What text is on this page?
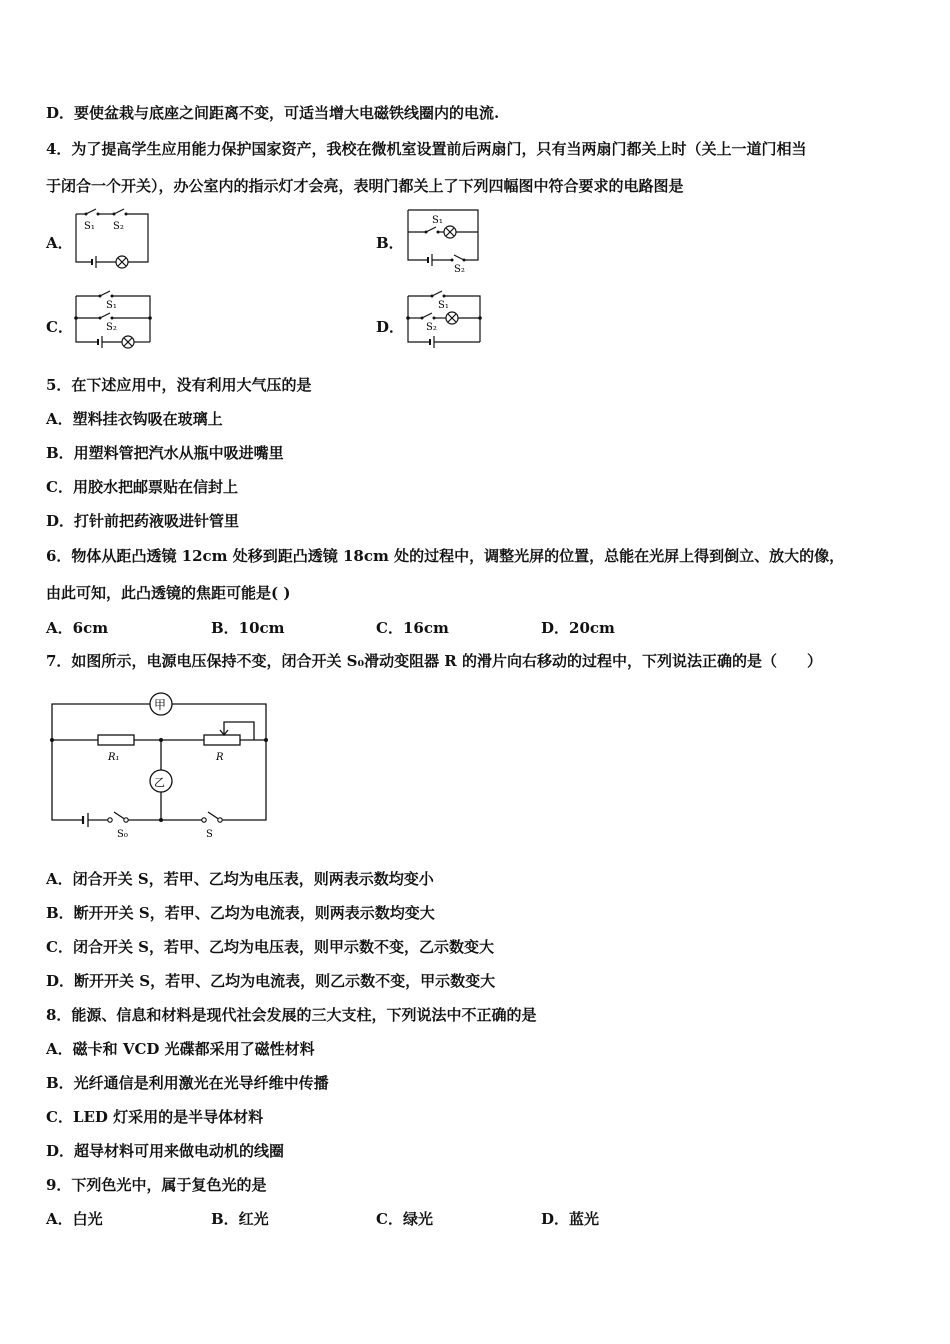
D．要使盆栽与底座之间距离不变，可适当增大电磁铁线圈内的电流.
4．为了提高学生应用能力保护国家资产，我校在微机室设置前后两扇门，只有当两扇门都关上时（关上一道门相当
于闭合一个开关），办公室内的指示灯才会亮，表明门都关上了下列四幅图中符合要求的电路图是
A．	B．
C．	D．
S₁ S₂
S₁
S₂
S₁
S₂
S₁
S₂
5．在下述应用中，没有利用大气压的是
A．塑料挂衣钩吸在玻璃上
B．用塑料管把汽水从瓶中吸进嘴里
C．用胶水把邮票贴在信封上
D．打针前把药液吸进针管里
6．物体从距凸透镜 12cm 处移到距凸透镜 18cm 处的过程中，调整光屏的位置，总能在光屏上得到倒立、放大的像，
由此可知，此凸透镜的焦距可能是( )
A．6cm	B．10cm	C．16cm	D．20cm
7．如图所示，电源电压保持不变，闭合开关 S₀滑动变阻器 R 的滑片向右移动的过程中，下列说法正确的是（　　）
甲
乙
R₁	R
S₀	S
A．闭合开关 S，若甲、乙均为电压表，则两表示数均变小
B．断开开关 S，若甲、乙均为电流表，则两表示数均变大
C．闭合开关 S，若甲、乙均为电压表，则甲示数不变，乙示数变大
D．断开开关 S，若甲、乙均为电流表，则乙示数不变，甲示数变大
8．能源、信息和材料是现代社会发展的三大支柱，下列说法中不正确的是
A．磁卡和 VCD 光碟都采用了磁性材料
B．光纤通信是利用激光在光导纤维中传播
C．LED 灯采用的是半导体材料
D．超导材料可用来做电动机的线圈
9．下列色光中，属于复色光的是
A．白光	B．红光	C．绿光	D．蓝光
